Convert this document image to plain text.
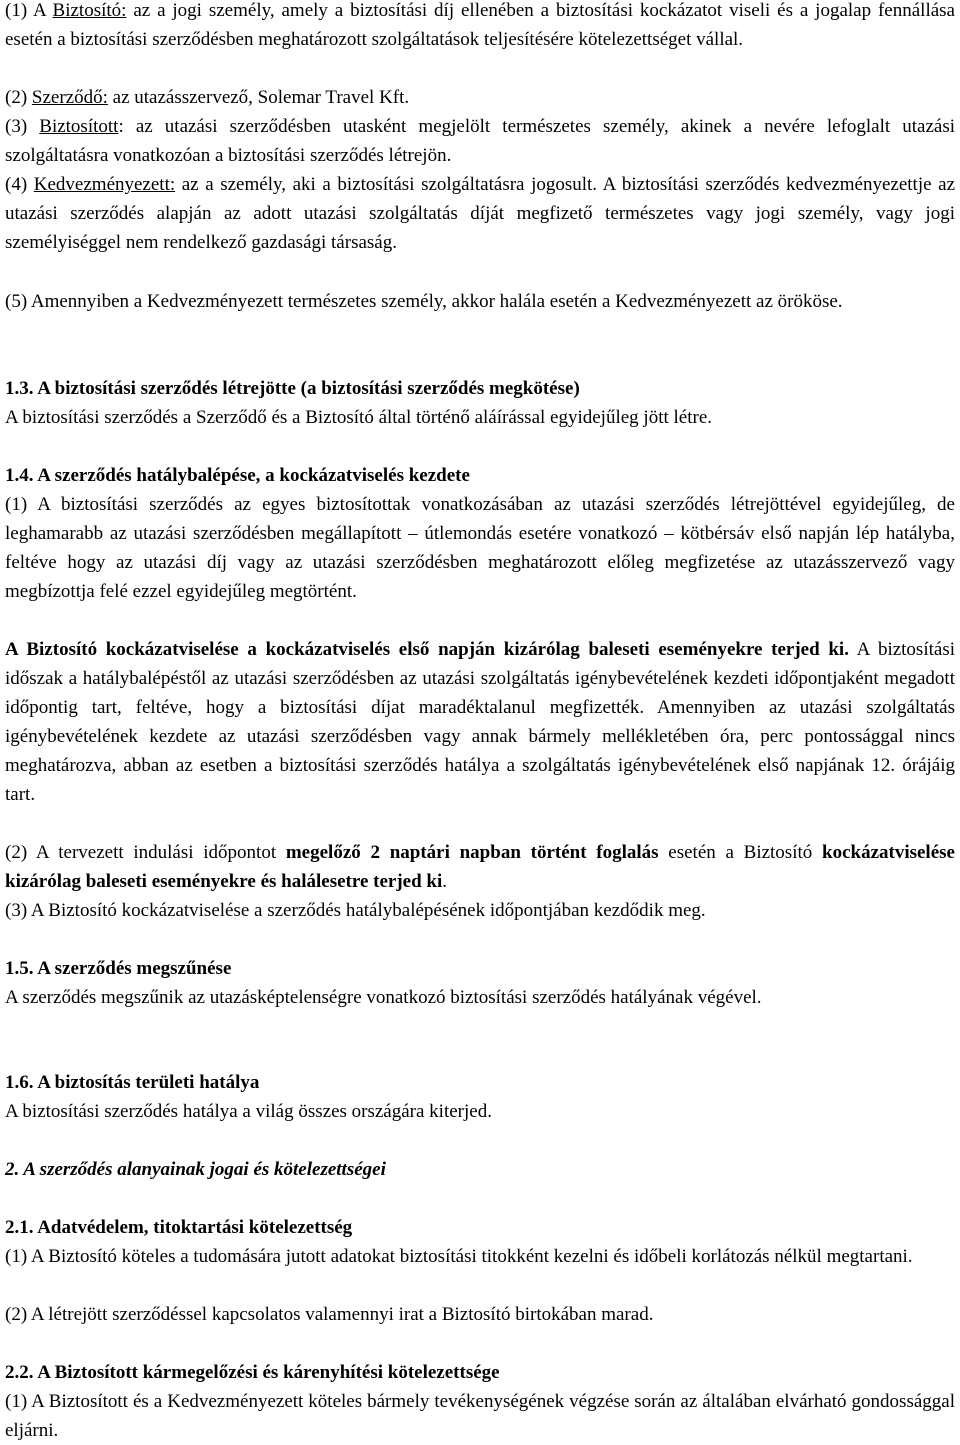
(1) A Biztosító: az a jogi személy, amely a biztosítási díj ellenében a biztosítási kockázatot viseli és a jogalap fennállása esetén a biztosítási szerződésben meghatározott szolgáltatások teljesítésére kötelezettséget vállal.

(2) Szerződő: az utazásszervező, Solemar Travel Kft.

(3) Biztosított: az utazási szerződésben utasként megjelölt természetes személy, akinek a nevére lefoglalt utazási szolgáltatásra vonatkozóan a biztosítási szerződés létrejön.

(4) Kedvezményezett: az a személy, aki a biztosítási szolgáltatásra jogosult. A biztosítási szerződés kedvezményezettje az utazási szerződés alapján az adott utazási szolgáltatás díját megfizető természetes vagy jogi személy, vagy jogi személyiséggel nem rendelkező gazdasági társaság.

(5) Amennyiben a Kedvezményezett természetes személy, akkor halála esetén a Kedvezményezett az örököse.

1.3. A biztosítási szerződés létrejötte (a biztosítási szerződés megkötése)

A biztosítási szerződés a Szerződő és a Biztosító által történő aláírással egyidejűleg jött létre.

1.4. A szerződés hatálybalépése, a kockázatviselés kezdete

(1) A biztosítási szerződés az egyes biztosítottak vonatkozásában az utazási szerződés létrejöttével egyidejűleg, de leghamarabb az utazási szerződésben megállapított – útlemondás esetére vonatkozó – kötbérsáv első napján lép hatályba, feltéve hogy az utazási díj vagy az utazási szerződésben meghatározott előleg megfizetése az utazásszervező vagy megbízottja felé ezzel egyidejűleg megtörtént.

A Biztosító kockázatviselése a kockázatviselés első napján kizárólag baleseti eseményekre terjed ki. A biztosítási időszak a hatálybalépéstől az utazási szerződésben az utazási szolgáltatás igénybevételének kezdeti időpontjaként megadott időpontig tart, feltéve, hogy a biztosítási díjat maradéktalanul megfizették. Amennyiben az utazási szolgáltatás igénybevételének kezdete az utazási szerződésben vagy annak bármely mellékletében óra, perc pontossággal nincs meghatározva, abban az esetben a biztosítási szerződés hatálya a szolgáltatás igénybevételének első napjának 12. órájáig tart.

(2) A tervezett indulási időpontot megelőző 2 naptári napban történt foglalás esetén a Biztosító kockázatviselése kizárólag baleseti eseményekre és halálesetre terjed ki.

(3) A Biztosító kockázatviselése a szerződés hatálybalépésének időpontjában kezdődik meg.

1.5. A szerződés megszűnése

A szerződés megszűnik az utazásképtelenségre vonatkozó biztosítási szerződés hatályának végével.

1.6. A biztosítás területi hatálya

A biztosítási szerződés hatálya a világ összes országára kiterjed.

2. A szerződés alanyainak jogai és kötelezettségei

2.1. Adatvédelem, titoktartási kötelezettség

(1) A Biztosító köteles a tudomására jutott adatokat biztosítási titokként kezelni és időbeli korlátozás nélkül megtartani.

(2) A létrejött szerződéssel kapcsolatos valamennyi irat a Biztosító birtokában marad.

2.2. A Biztosított kármegelőzési és kárenyhítési kötelezettsége

(1) A Biztosított és a Kedvezményezett köteles bármely tevékenységének végzése során az általában elvárható gondossággal eljárni.
